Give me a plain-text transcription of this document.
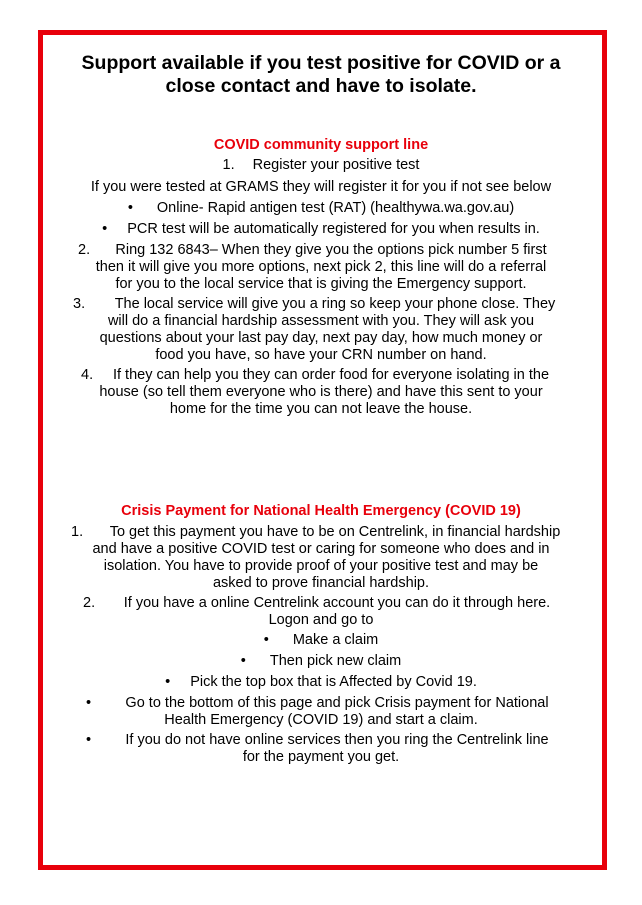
Support available if you test positive for COVID or a
close contact and have to isolate.
COVID community support line
1. Register your positive test
If you were tested at GRAMS they will register it for you if not see below
• Online- Rapid antigen test (RAT) (healthywa.wa.gov.au)
• PCR test will be automatically registered for you when results in.
2.	Ring 132 6843– When they give you the options pick number 5 first
then it will give you more options, next pick 2, this line will do a referral
for you to the local service that is giving the Emergency support.
3.	The local service will give you a ring so keep your phone close. They
will do a financial hardship assessment with you. They will ask you
questions about your last pay day, next pay day, how much money or
food you have, so have your CRN number on hand.
4.	If they can help you they can order food for everyone isolating in the
house (so tell them everyone who is there) and have this sent to your
home for the time you can not leave the house.
Crisis Payment for National Health Emergency (COVID 19)
1.	To get this payment you have to be on Centrelink, in financial hardship
and have a positive COVID test or caring for someone who does and in
isolation. You have to provide proof of your positive test and may be
asked to prove financial hardship.
2.	If you have a online Centrelink account you can do it through here.
Logon and go to
• Make a claim
• Then pick new claim
• Pick the top box that is Affected by Covid 19.
•	Go to the bottom of this page and pick Crisis payment for National
Health Emergency (COVID 19) and start a claim.
•	If you do not have online services then you ring the Centrelink line
for the payment you get.
